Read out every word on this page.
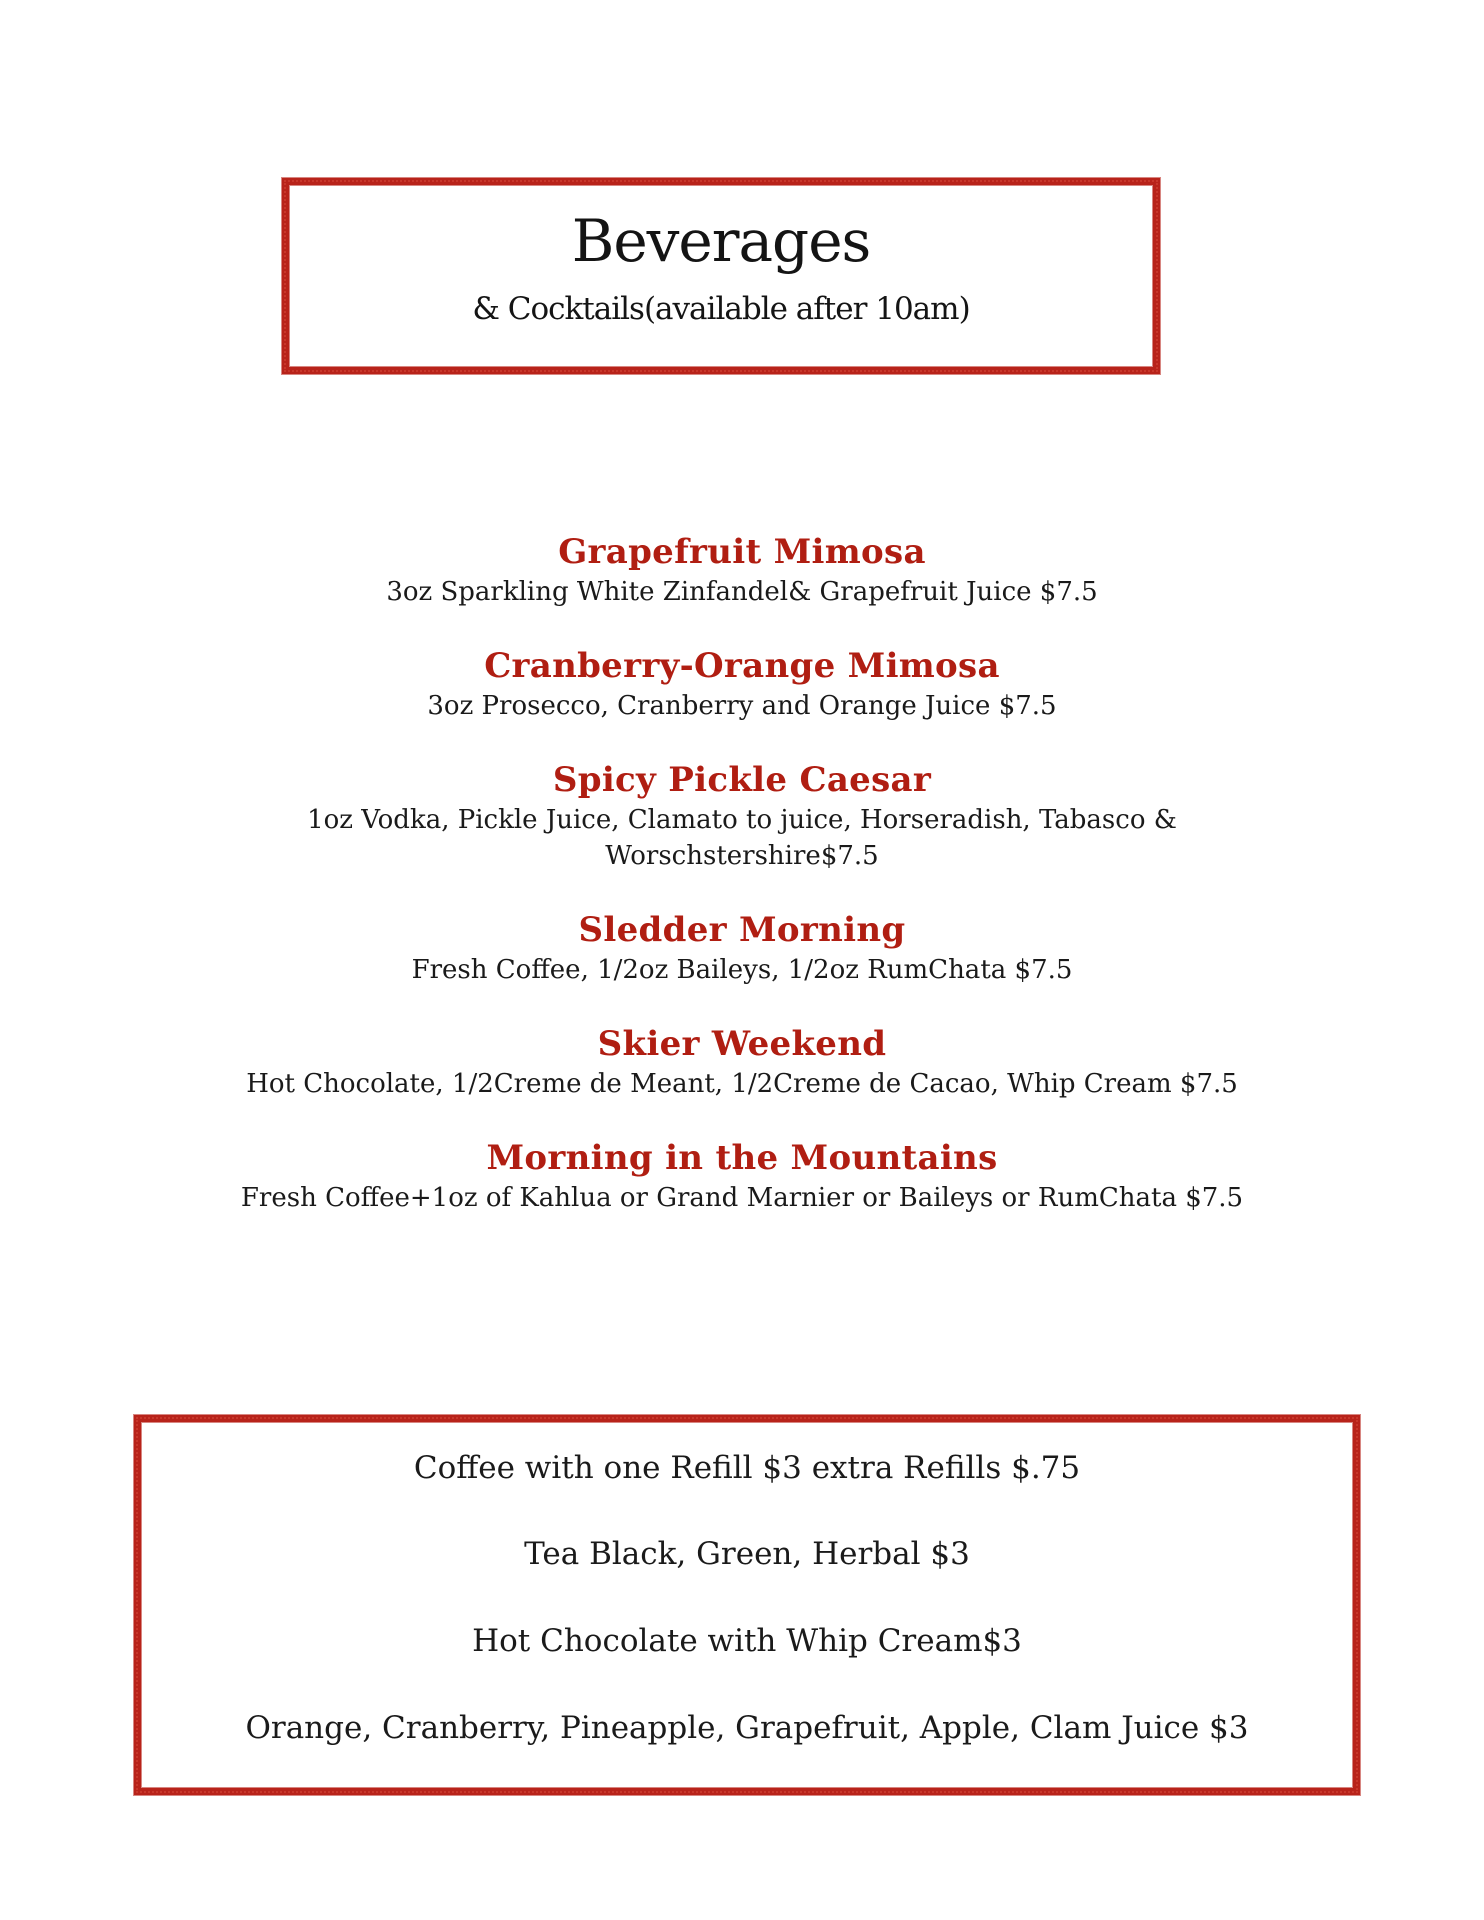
Beverages
& Cocktails(available after 10am)
Grapefruit Mimosa
3oz Sparkling White Zinfandel& Grapefruit Juice $7.5
Cranberry-Orange Mimosa
3oz Prosecco, Cranberry and Orange Juice $7.5
Spicy Pickle Caesar
1oz Vodka, Pickle Juice, Clamato to juice, Horseradish, Tabasco & Worschstershire$7.5
Sledder Morning
Fresh Coffee, 1/2oz Baileys, 1/2oz RumChata $7.5
Skier Weekend
Hot Chocolate, 1/2Creme de Meant, 1/2Creme de Cacao, Whip Cream $7.5
Morning in the Mountains
Fresh Coffee+1oz of Kahlua or Grand Marnier or Baileys or RumChata $7.5
Coffee with one Refill $3 extra Refills $.75
Tea Black, Green, Herbal $3
Hot Chocolate with Whip Cream$3
Orange, Cranberry, Pineapple, Grapefruit, Apple, Clam Juice $3
